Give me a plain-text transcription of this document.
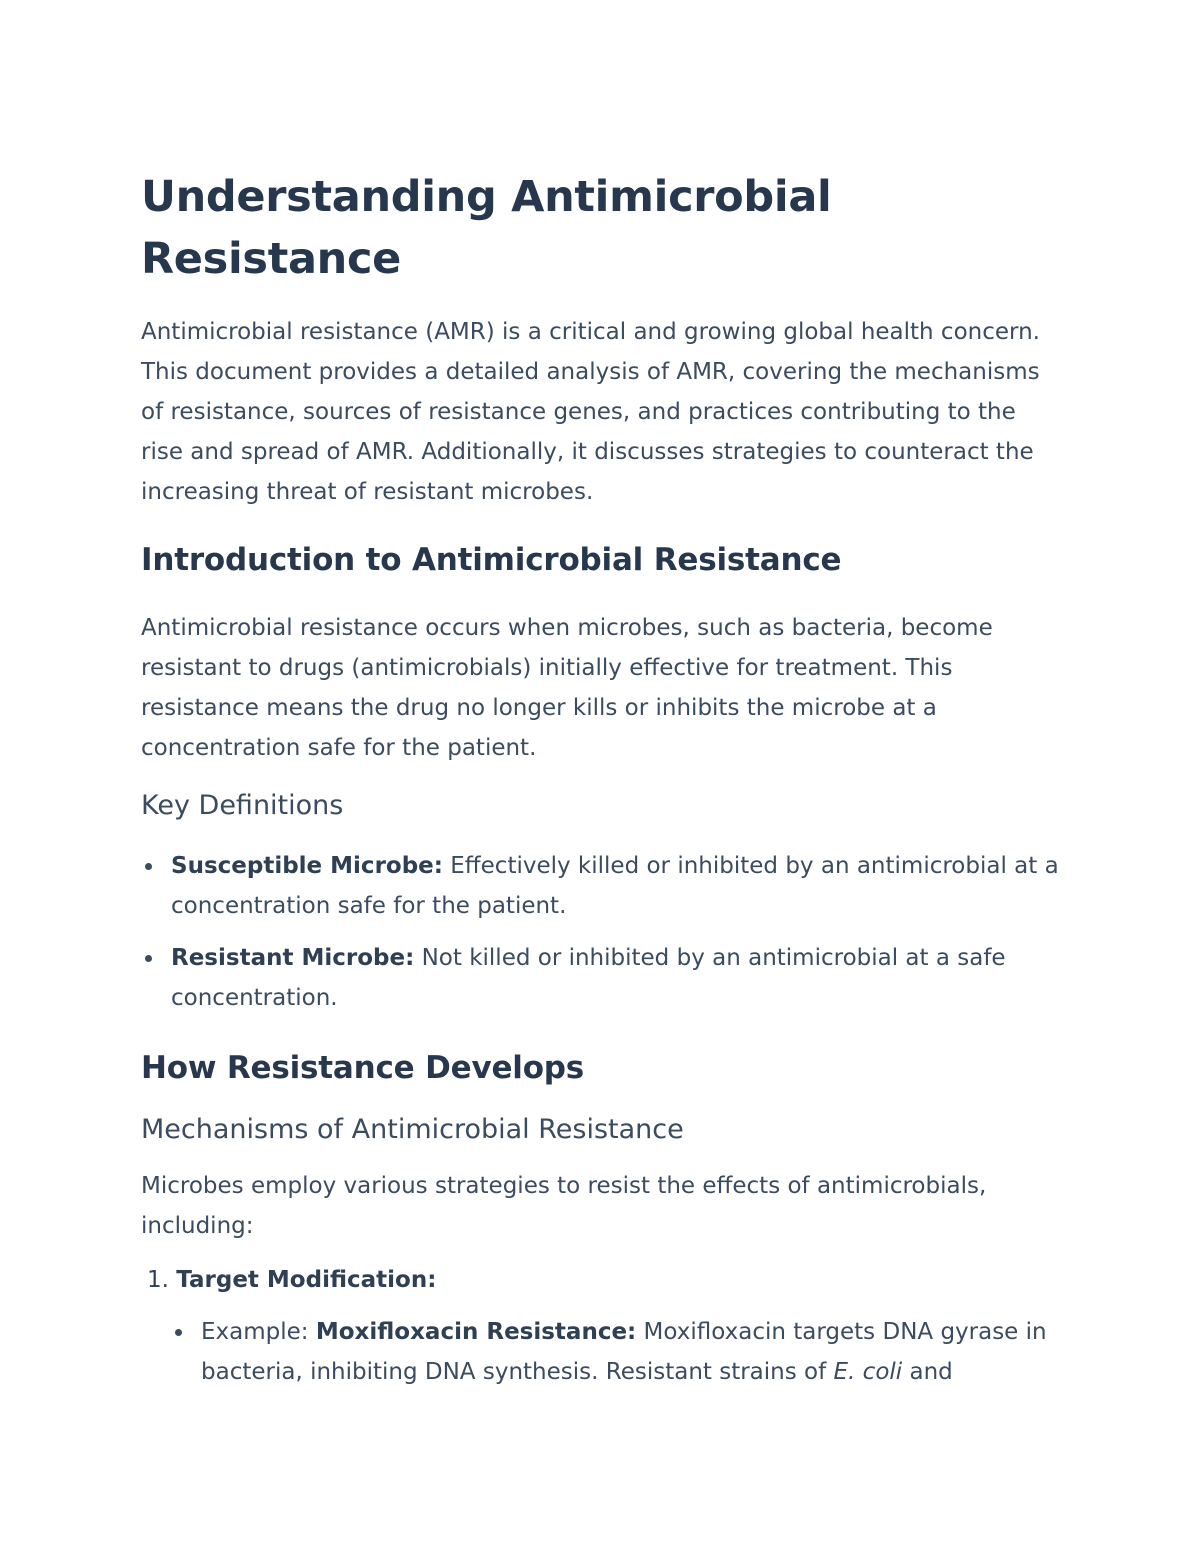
Understanding Antimicrobial Resistance

Antimicrobial resistance (AMR) is a critical and growing global health concern. This document provides a detailed analysis of AMR, covering the mechanisms of resistance, sources of resistance genes, and practices contributing to the rise and spread of AMR. Additionally, it discusses strategies to counteract the increasing threat of resistant microbes.

Introduction to Antimicrobial Resistance

Antimicrobial resistance occurs when microbes, such as bacteria, become resistant to drugs (antimicrobials) initially effective for treatment. This resistance means the drug no longer kills or inhibits the microbe at a concentration safe for the patient.

Key Definitions
Susceptible Microbe: Effectively killed or inhibited by an antimicrobial at a concentration safe for the patient.
Resistant Microbe: Not killed or inhibited by an antimicrobial at a safe concentration.
How Resistance Develops
Mechanisms of Antimicrobial Resistance

Microbes employ various strategies to resist the effects of antimicrobials, including:

1. Target Modification:
Example: Moxifloxacin Resistance: Moxifloxacin targets DNA gyrase in bacteria, inhibiting DNA synthesis. Resistant strains of E. coli and
